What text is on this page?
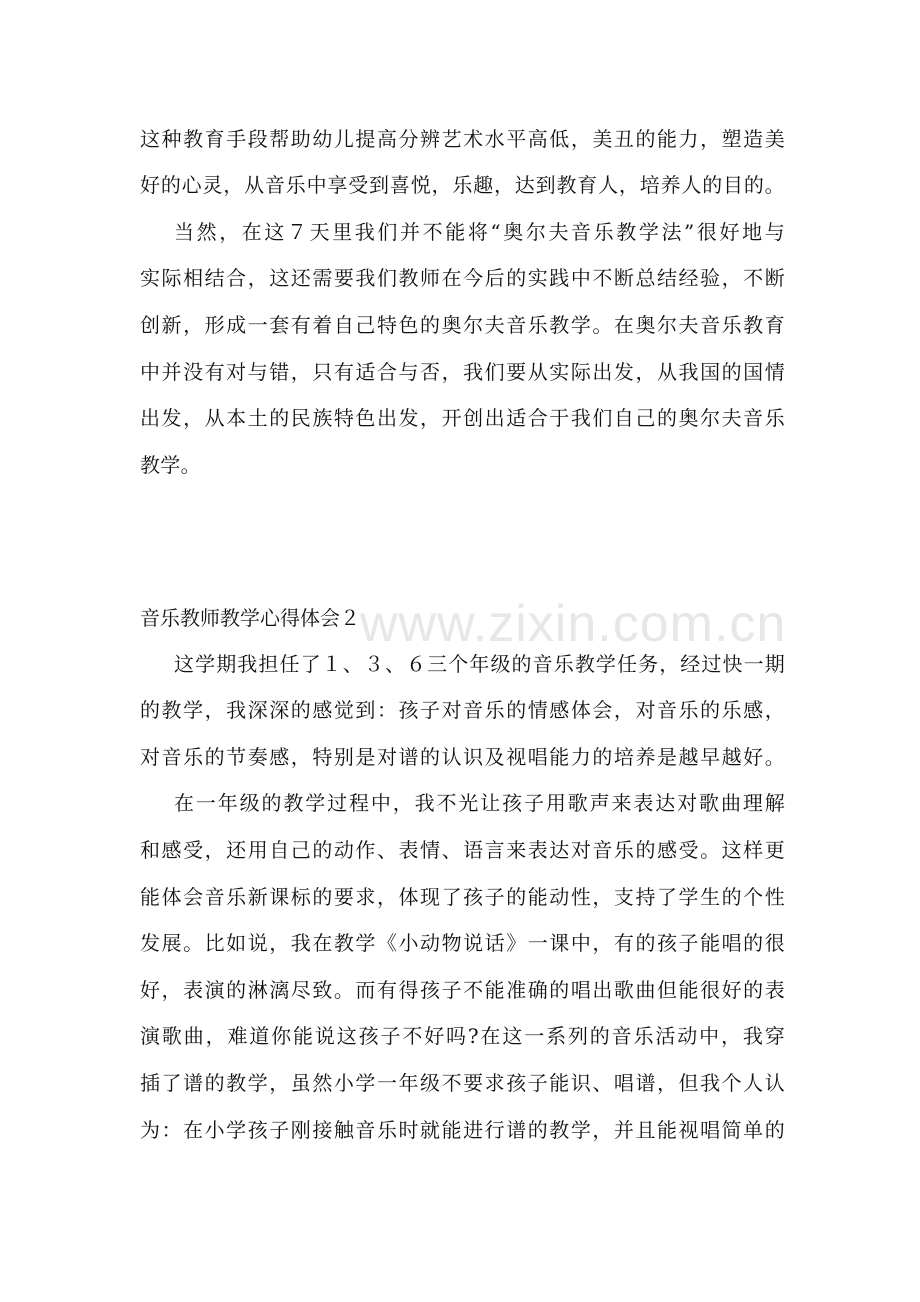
www.zixin.com.cn
这种教育手段帮助幼儿提高分辨艺术水平高低，美丑的能力，塑造美
好的心灵，从音乐中享受到喜悦，乐趣，达到教育人，培养人的目的。
当然，在这７天里我们并不能将“奥尔夫音乐教学法”很好地与
实际相结合，这还需要我们教师在今后的实践中不断总结经验，不断
创新，形成一套有着自己特色的奥尔夫音乐教学。在奥尔夫音乐教育
中并没有对与错，只有适合与否，我们要从实际出发，从我国的国情
出发，从本土的民族特色出发，开创出适合于我们自己的奥尔夫音乐
教学。
音乐教师教学心得体会２
这学期我担任了１、３、６三个年级的音乐教学任务，经过快一期
的教学，我深深的感觉到：孩子对音乐的情感体会，对音乐的乐感，
对音乐的节奏感，特别是对谱的认识及视唱能力的培养是越早越好。
在一年级的教学过程中，我不光让孩子用歌声来表达对歌曲理解
和感受，还用自己的动作、表情、语言来表达对音乐的感受。这样更
能体会音乐新课标的要求，体现了孩子的能动性，支持了学生的个性
发展。比如说，我在教学《小动物说话》一课中，有的孩子能唱的很
好，表演的淋漓尽致。而有得孩子不能准确的唱出歌曲但能很好的表
演歌曲，难道你能说这孩子不好吗?在这一系列的音乐活动中，我穿
插了谱的教学，虽然小学一年级不要求孩子能识、唱谱，但我个人认
为：在小学孩子刚接触音乐时就能进行谱的教学，并且能视唱简单的
